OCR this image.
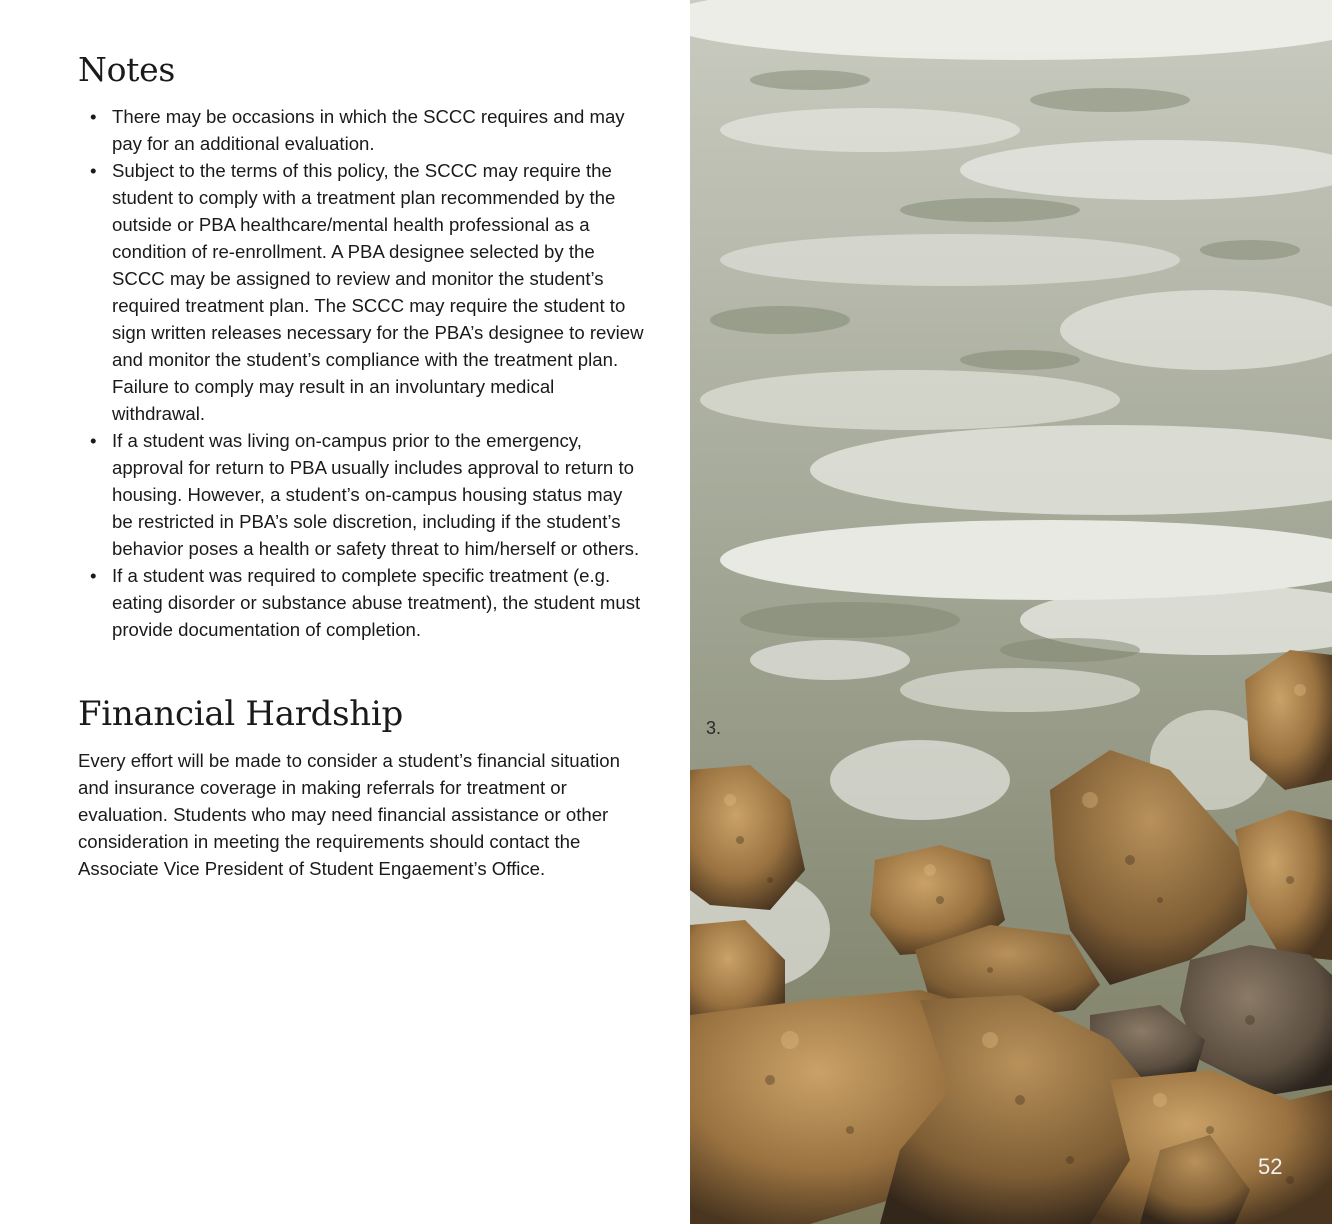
Notes
• There may be occasions in which the SCCC requires and may pay for an additional evaluation.
• Subject to the terms of this policy, the SCCC may require the student to comply with a treatment plan recommended by the outside or PBA healthcare/mental health professional as a condition of re-enrollment. A PBA designee selected by the SCCC may be assigned to review and monitor the student’s required treatment plan. The SCCC may require the student to sign written releases necessary for the PBA’s designee to review and monitor the student’s compliance with the treatment plan. Failure to comply may result in an involuntary medical withdrawal.
• If a student was living on-campus prior to the emergency, approval for return to PBA usually includes approval to return to housing. However, a student’s on-campus housing status may be restricted in PBA’s sole discretion, including if the student’s behavior poses a health or safety threat to him/herself or others.
• If a student was required to complete specific treatment (e.g. eating disorder or substance abuse treatment), the student must provide documentation of completion.
Financial Hardship

Every effort will be made to consider a student’s financial situation and insurance coverage in making referrals for treatment or evaluation. Students who may need financial assistance or other consideration in meeting the requirements should contact the Associate Vice President of Student Engaement’s Office.

3.
52
